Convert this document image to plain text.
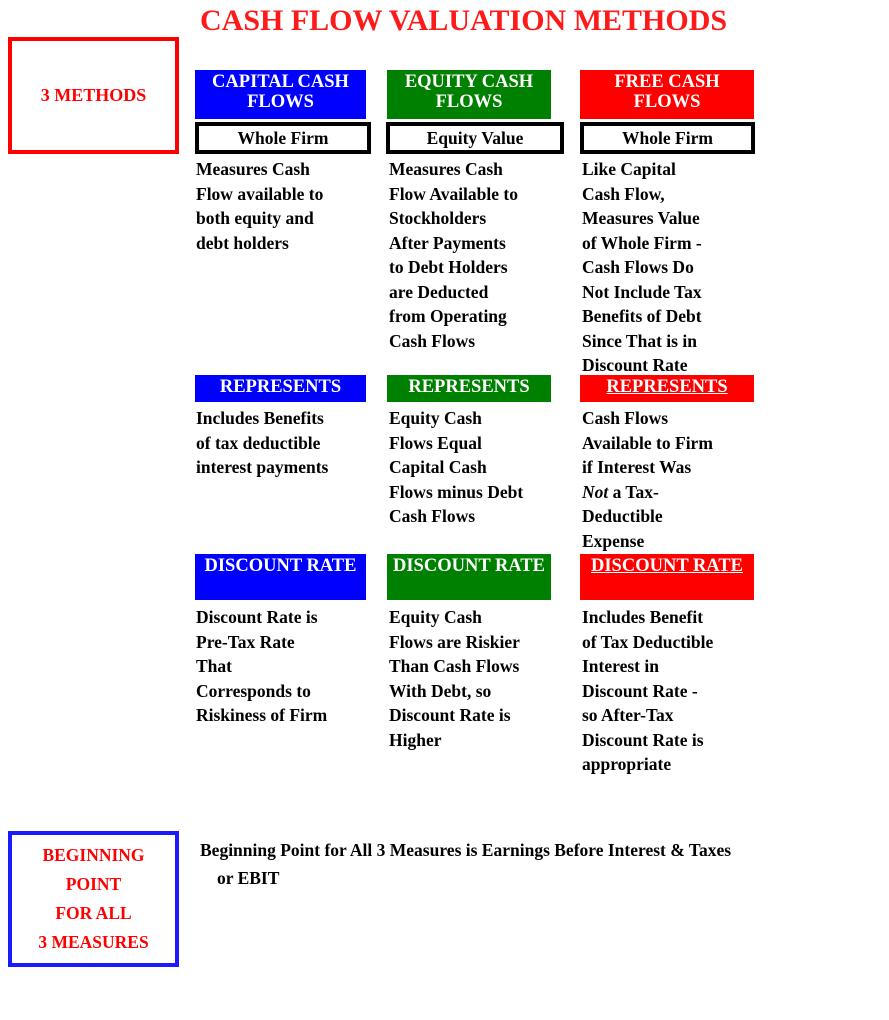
CASH FLOW VALUATION METHODS
3 METHODS
CAPITAL CASH FLOWS
Whole Firm
Measures Cash
Flow available to
both equity and
debt holders
REPRESENTS
Includes Benefits
of tax deductible
interest payments
DISCOUNT RATE
Discount Rate is
Pre-Tax Rate
That
Corresponds to
Riskiness of Firm
EQUITY CASH FLOWS
Equity Value
Measures Cash
Flow Available to
Stockholders
After Payments
to Debt Holders
are Deducted
from Operating
Cash Flows
REPRESENTS
Equity Cash
Flows Equal
Capital Cash
Flows minus Debt
Cash Flows
DISCOUNT RATE
Equity Cash
Flows are Riskier
Than Cash Flows
With Debt, so
Discount Rate is
Higher
FREE CASH FLOWS
Whole Firm
Like Capital
Cash Flow,
Measures Value
of Whole Firm -
Cash Flows Do
Not Include Tax
Benefits of Debt
Since That is in
Discount Rate
REPRESENTS
Cash Flows
Available to Firm
if Interest Was
Not a Tax-
Deductible
Expense
DISCOUNT RATE
Includes Benefit
of Tax Deductible
Interest in
Discount Rate -
so After-Tax
Discount Rate is
appropriate
BEGINNING
POINT
FOR ALL
3 MEASURES
Beginning Point for All 3 Measures is Earnings Before Interest & Taxes
or EBIT
